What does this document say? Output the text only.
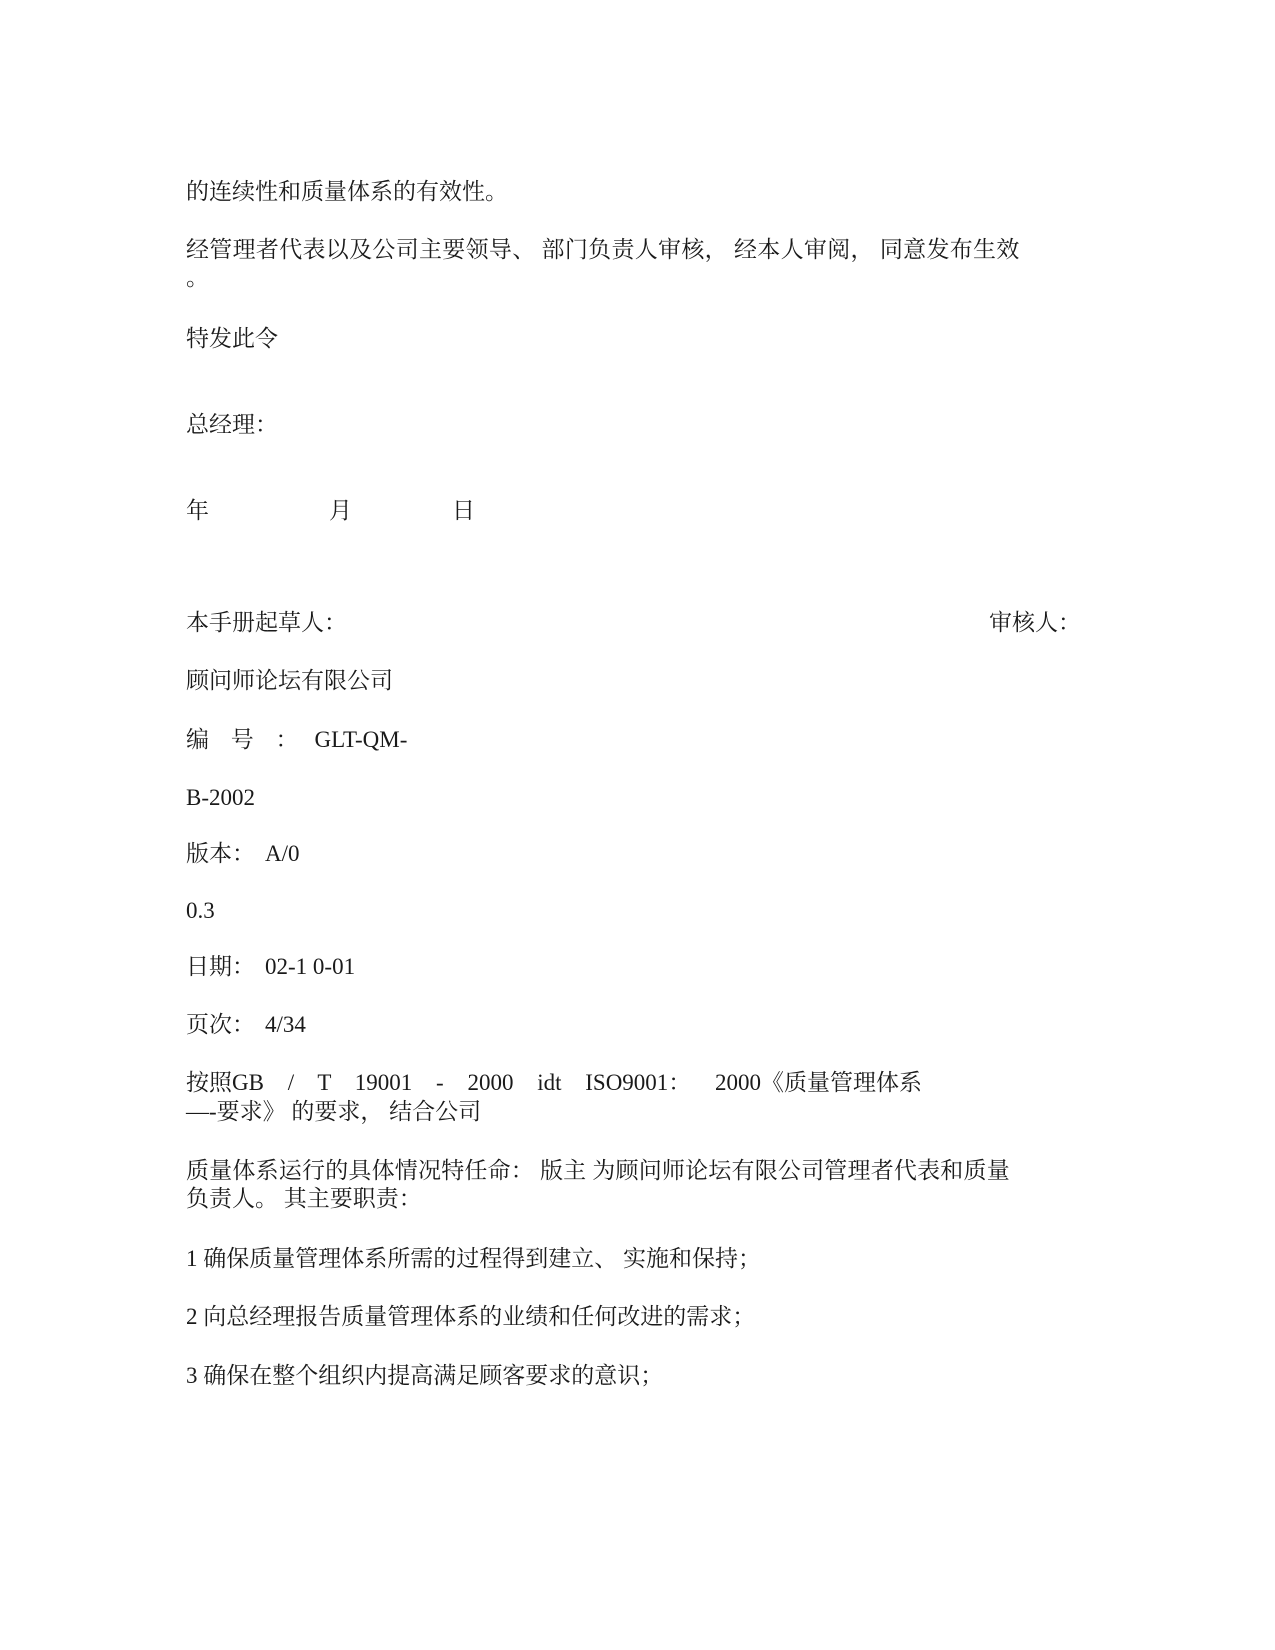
的连续性和质量体系的有效性。

经管理者代表以及公司主要领导、 部门负责人审核， 经本人审阅， 同意发布生效

。

特发此令

总经理：

年	月	日

本手册起草人：	审核人：

顾问师论坛有限公司

编 号 ： GLT-QM-

B-2002

版本： A/0

0.3

日期： 02-1 0-01

页次： 4/34

按照GB / T 19001 - 2000 idt ISO9001： 2000《质量管理体系

—-要求》 的要求， 结合公司

质量体系运行的具体情况特任命： 版主 为顾问师论坛有限公司管理者代表和质量

负责人。 其主要职责：

1 确保质量管理体系所需的过程得到建立、 实施和保持；

2 向总经理报告质量管理体系的业绩和任何改进的需求；

3 确保在整个组织内提高满足顾客要求的意识；
